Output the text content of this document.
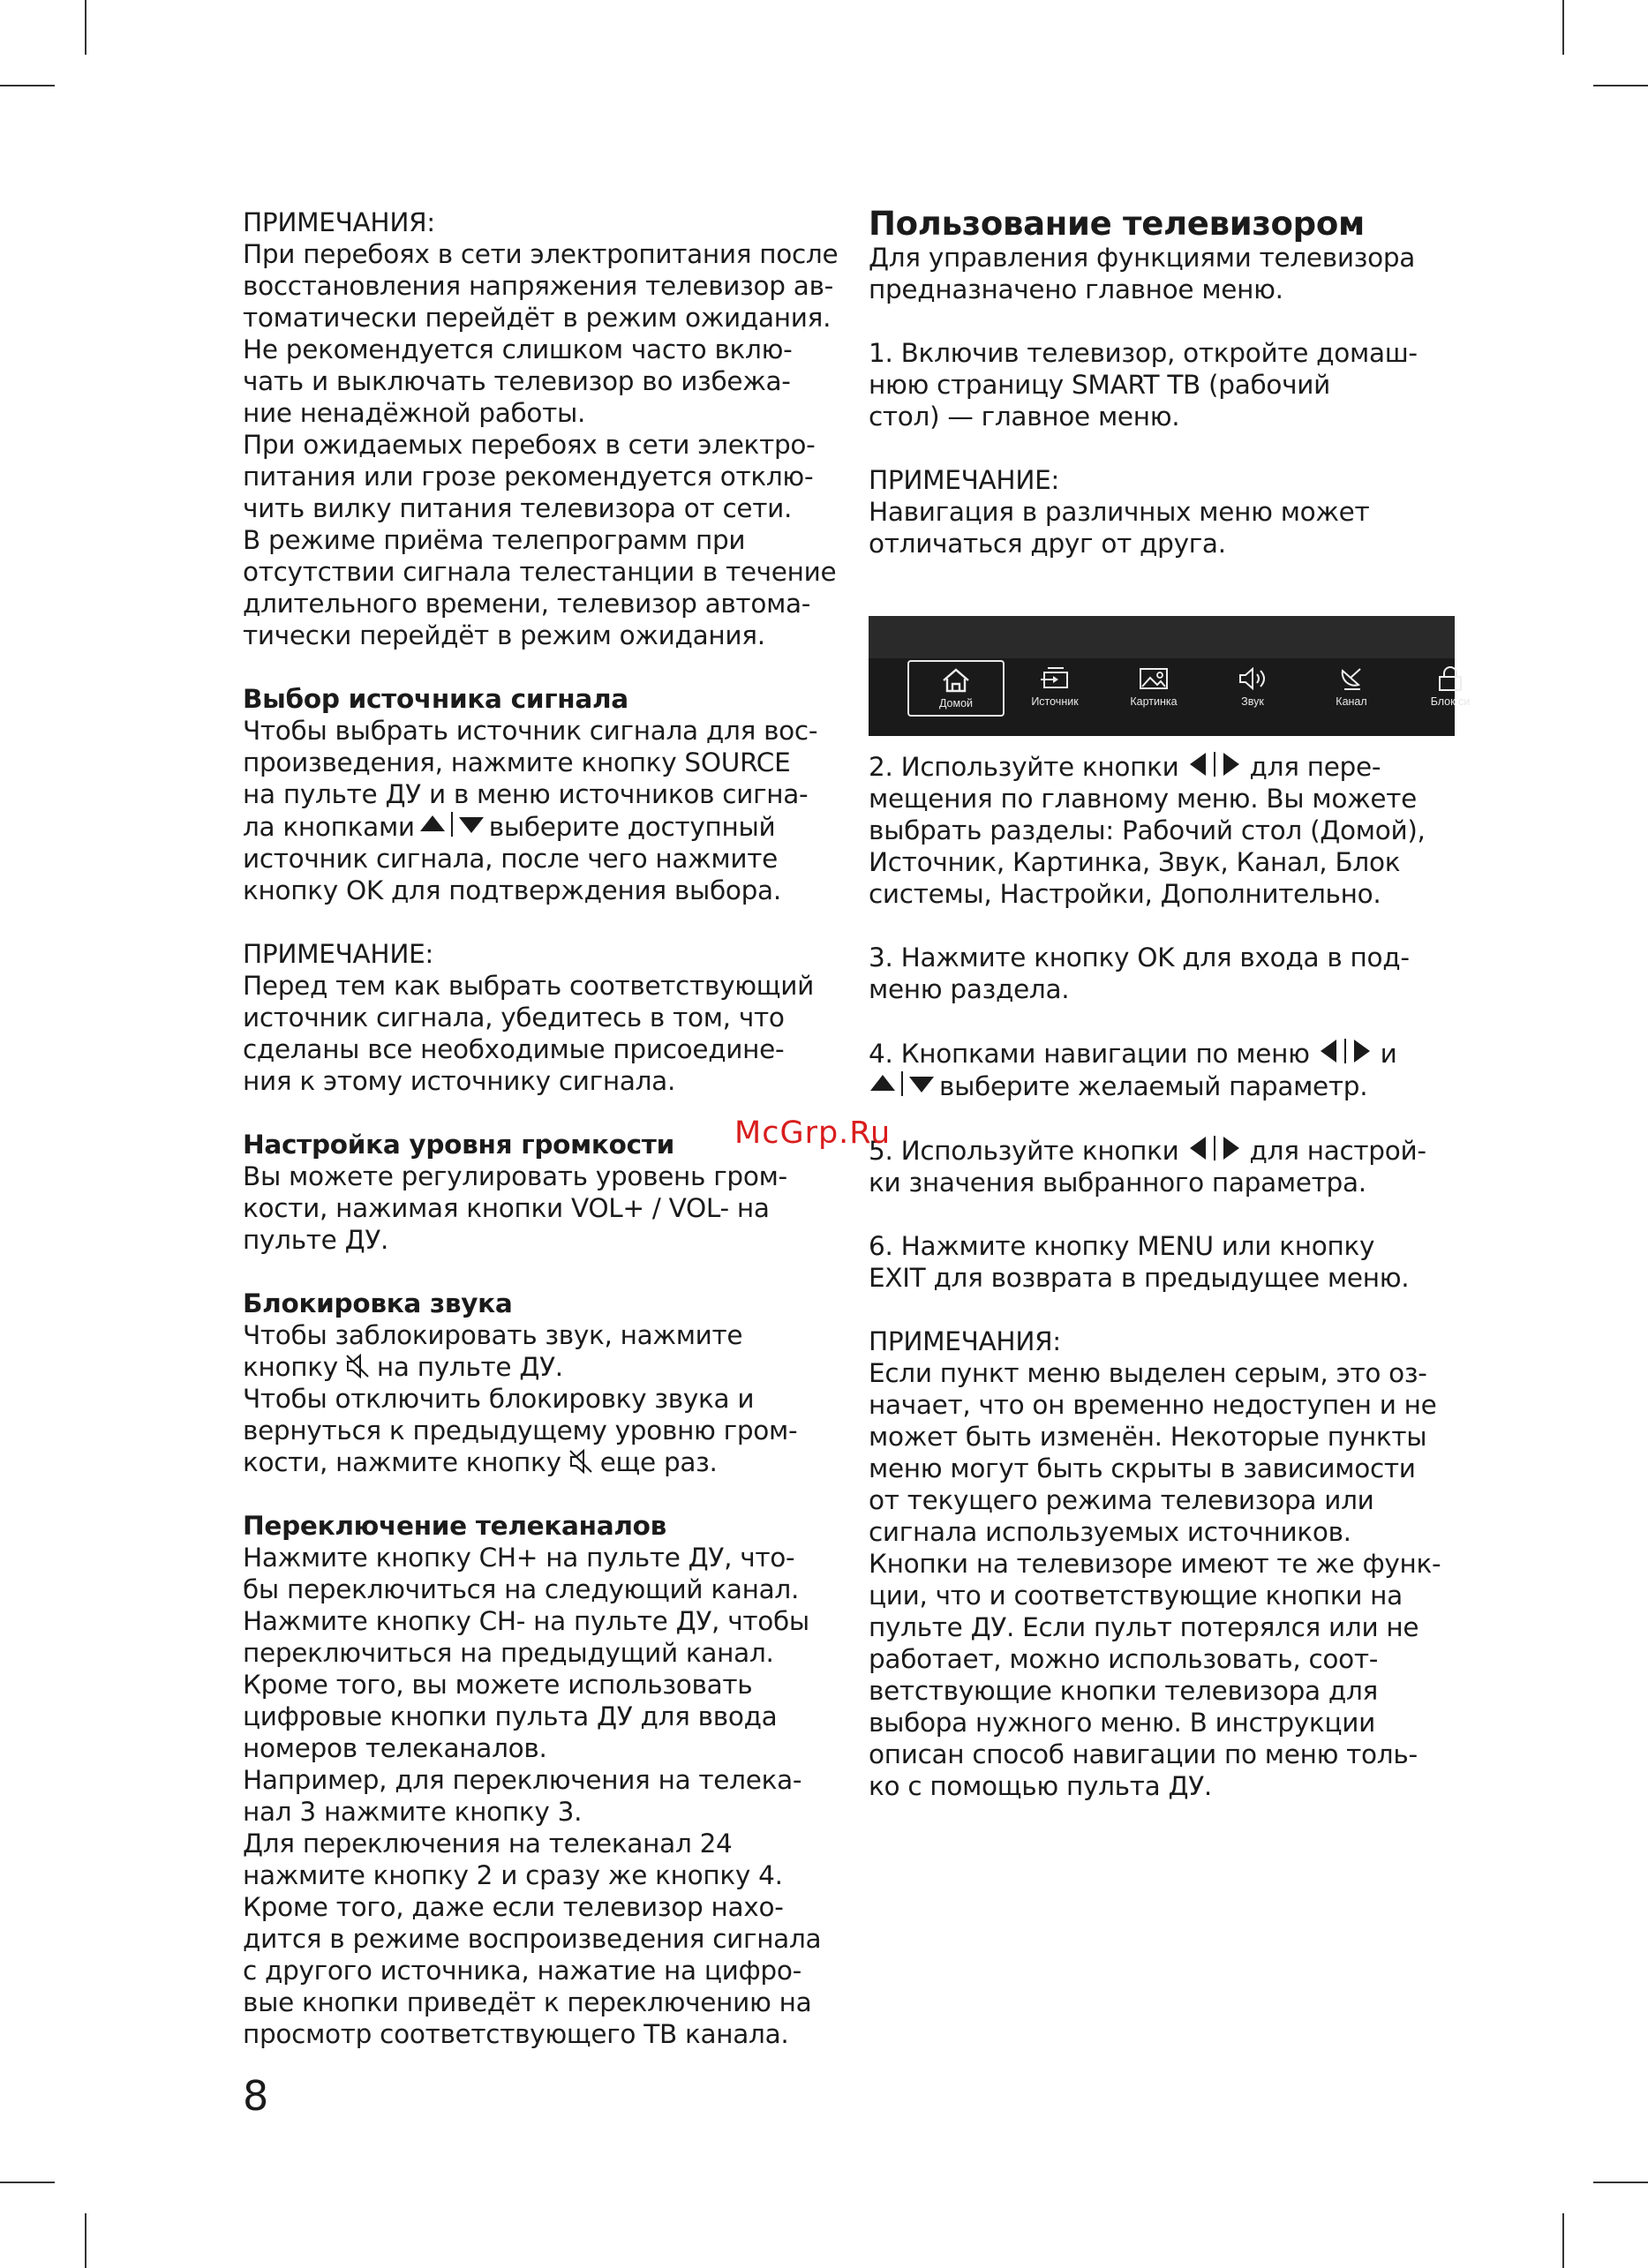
ПРИМЕЧАНИЯ:

При перебоях в сети электропитания после

восстановления напряжения телевизор ав-

томатически перейдёт в режим ожидания.

Не рекомендуется слишком часто вклю-

чать и выключать телевизор во избежа-

ние ненадёжной работы.

При ожидаемых перебоях в сети электро-

питания или грозе рекомендуется отклю-

чить вилку питания телевизора от сети.

В режиме приёма телепрограмм при

отсутствии сигнала телестанции в течение

длительного времени, телевизор автома-

тически перейдёт в режим ожидания.

Выбор источника сигнала

Чтобы выбрать источник сигнала для вос-

произведения, нажмите кнопку SOURCE

на пульте ДУ и в меню источников сигна-

ла кнопками	выберите доступный

источник сигнала, после чего нажмите

кнопку OK для подтверждения выбора.

ПРИМЕЧАНИЕ:

Перед тем как выбрать соответствующий

источник сигнала, убедитесь в том, что

сделаны все необходимые присоедине-

ния к этому источнику сигнала.

Настройка уровня громкости

Вы можете регулировать уровень гром-

кости, нажимая кнопки VOL+ / VOL- на

пульте ДУ.

Блокировка звука

Чтобы заблокировать звук, нажмите

кнопку на пульте ДУ.

Чтобы отключить блокировку звука и

вернуться к предыдущему уровню гром-

кости, нажмите кнопку еще раз.

Переключение телеканалов

Нажмите кнопку CH+ на пульте ДУ, что-

бы переключиться на следующий канал.

Нажмите кнопку CH- на пульте ДУ, чтобы

переключиться на предыдущий канал.

Кроме того, вы можете использовать

цифровые кнопки пульта ДУ для ввода

номеров телеканалов.

Например, для переключения на телека-

нал 3 нажмите кнопку 3.

Для переключения на телеканал 24

нажмите кнопку 2 и сразу же кнопку 4.

Кроме того, даже если телевизор нахо-

дится в режиме воспроизведения сигнала

с другого источника, нажатие на цифро-

вые кнопки приведёт к переключению на

просмотр соответствующего ТВ канала.

Пользование телевизором

Для управления функциями телевизора

предназначено главное меню.

1. Включив телевизор, откройте домаш-

нюю страницу SMART ТВ (рабочий

стол) — главное меню.

ПРИМЕЧАНИЕ:

Навигация в различных меню может

отличаться друг от друга.

2. Используйте кнопки	для пере-

мещения по главному меню. Вы можете

выбрать разделы: Рабочий стол (Домой),

Источник, Картинка, Звук, Канал, Блок

системы, Настройки, Дополнительно.

3. Нажмите кнопку OK для входа в под-

меню раздела.

4. Кнопками навигации по меню	и

выберите желаемый параметр.

5. Используйте кнопки	для настрой-

ки значения выбранного параметра.

6. Нажмите кнопку MENU или кнопку

EXIT для возврата в предыдущее меню.

ПРИМЕЧАНИЯ:

Если пункт меню выделен серым, это оз-

начает, что он временно недоступен и не

может быть изменён. Некоторые пункты

меню могут быть скрыты в зависимости

от текущего режима телевизора или

сигнала используемых источников.

Кнопки на телевизоре имеют те же функ-

ции, что и соответствующие кнопки на

пульте ДУ. Если пульт потерялся или не

работает, можно использовать, соот-

ветствующие кнопки телевизора для

выбора нужного меню. В инструкции

описан способ навигации по меню толь-

ко с помощью пульта ДУ.

Домой	Источник	Картинка	Звук	Канал	Блок си
McGrp.Ru
8
